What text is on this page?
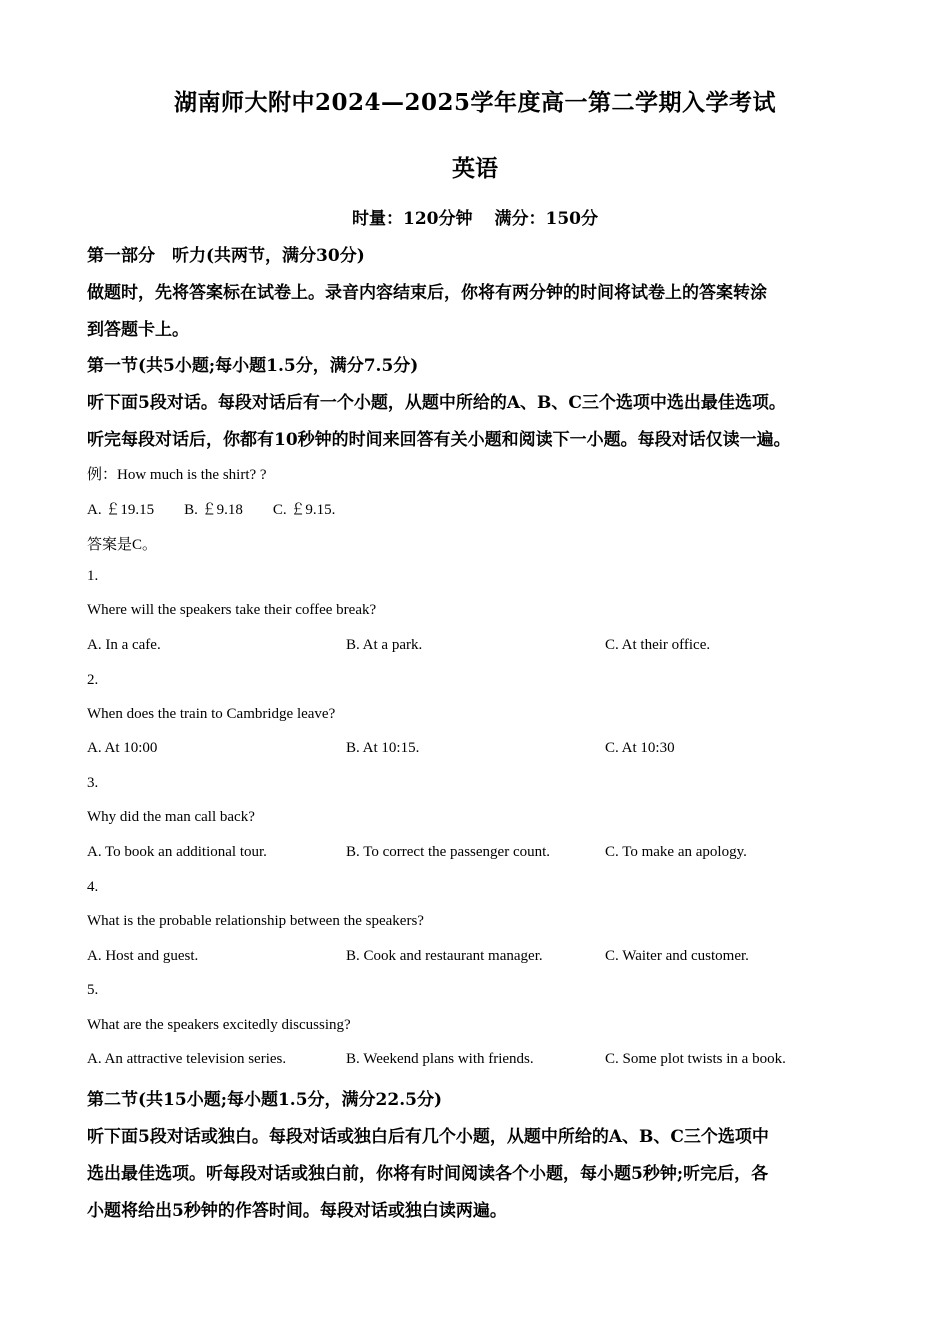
湖南师大附中2024—2025学年度高一第二学期入学考试
英语
时量：120分钟 满分：150分
第一部分　听力(共两节，满分30分)
做题时，先将答案标在试卷上。录音内容结束后，你将有两分钟的时间将试卷上的答案转涂
到答题卡上。
第一节(共5小题;每小题1.5分，满分7.5分)
听下面5段对话。每段对话后有一个小题，从题中所给的A、B、C三个选项中选出最佳选项。
听完每段对话后，你都有10秒钟的时间来回答有关小题和阅读下一小题。每段对话仅读一遍。
例：How much is the shirt? ?
A. ￡19.15 B. ￡9.18 C. ￡9.15.
答案是C。
1.
Where will the speakers take their coffee break?
A. In a cafe.	B. At a park.	C. At their office.
2.
When does the train to Cambridge leave?
A. At 10:00	B. At 10:15.	C. At 10:30
3.
Why did the man call back?
A. To book an additional tour.	B. To correct the passenger count.	C. To make an apology.
4.
What is the probable relationship between the speakers?
A. Host and guest.	B. Cook and restaurant manager.	C. Waiter and customer.
5.
What are the speakers excitedly discussing?
A. An attractive television series.	B. Weekend plans with friends.	C. Some plot twists in a book.
第二节(共15小题;每小题1.5分，满分22.5分)
听下面5段对话或独白。每段对话或独白后有几个小题，从题中所给的A、B、C三个选项中
选出最佳选项。听每段对话或独白前，你将有时间阅读各个小题，每小题5秒钟;听完后，各
小题将给出5秒钟的作答时间。每段对话或独白读两遍。
